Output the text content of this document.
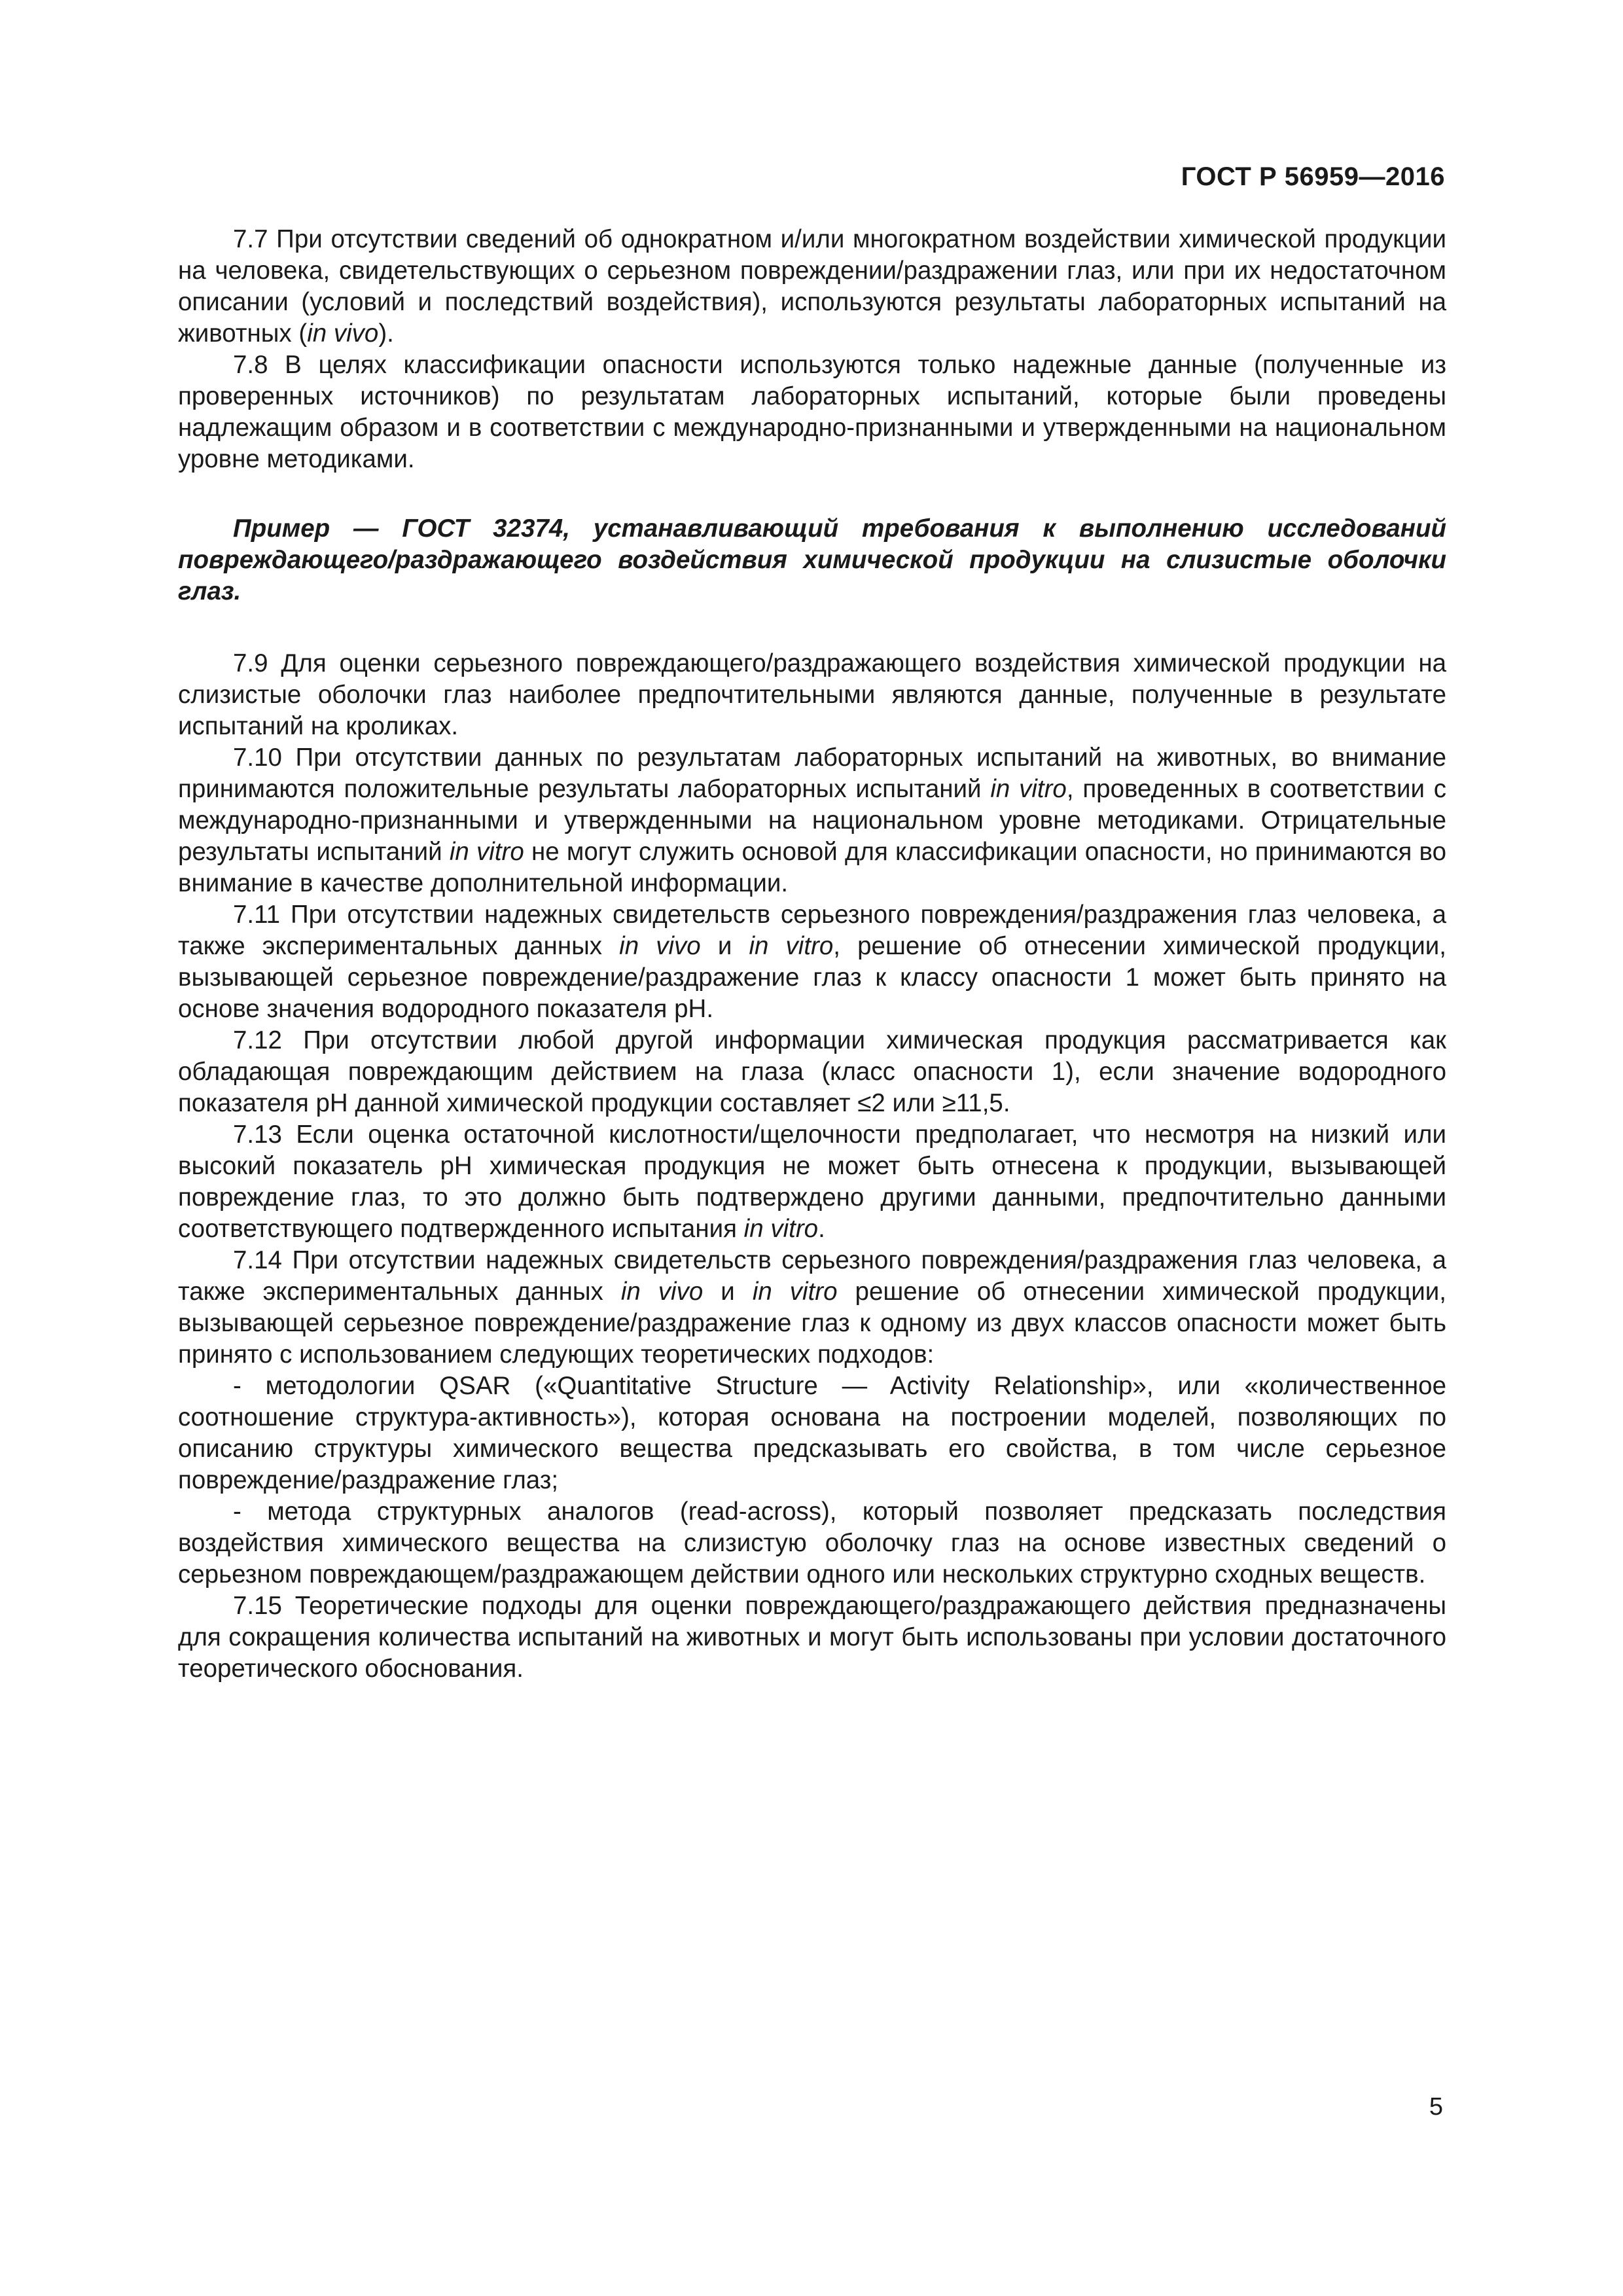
ГОСТ Р 56959—2016

7.7 При отсутствии сведений об однократном и/или многократном воздействии химической продукции на человека, свидетельствующих о серьезном повреждении/раздражении глаз, или при их недостаточном описании (условий и последствий воздействия), используются результаты лабораторных испытаний на животных (in vivo).

7.8 В целях классификации опасности используются только надежные данные (полученные из проверенных источников) по результатам лабораторных испытаний, которые были проведены надлежащим образом и в соответствии с международно-признанными и утвержденными на национальном уровне методиками.

Пример — ГОСТ 32374, устанавливающий требования к выполнению исследований повреждающего/раздражающего воздействия химической продукции на слизистые оболочки глаз.

7.9 Для оценки серьезного повреждающего/раздражающего воздействия химической продукции на слизистые оболочки глаз наиболее предпочтительными являются данные, полученные в результате испытаний на кроликах.

7.10 При отсутствии данных по результатам лабораторных испытаний на животных, во внимание принимаются положительные результаты лабораторных испытаний in vitro, проведенных в соответствии с международно-признанными и утвержденными на национальном уровне методиками. Отрицательные результаты испытаний in vitro не могут служить основой для классификации опасности, но принимаются во внимание в качестве дополнительной информации.

7.11 При отсутствии надежных свидетельств серьезного повреждения/раздражения глаз человека, а также экспериментальных данных in vivo и in vitro, решение об отнесении химической продукции, вызывающей серьезное повреждение/раздражение глаз к классу опасности 1 может быть принято на основе значения водородного показателя pH.

7.12 При отсутствии любой другой информации химическая продукция рассматривается как обладающая повреждающим действием на глаза (класс опасности 1), если значение водородного показателя pH данной химической продукции составляет ≤2 или ≥11,5.

7.13 Если оценка остаточной кислотности/щелочности предполагает, что несмотря на низкий или высокий показатель pH химическая продукция не может быть отнесена к продукции, вызывающей повреждение глаз, то это должно быть подтверждено другими данными, предпочтительно данными соответствующего подтвержденного испытания in vitro.

7.14 При отсутствии надежных свидетельств серьезного повреждения/раздражения глаз человека, а также экспериментальных данных in vivo и in vitro решение об отнесении химической продукции, вызывающей серьезное повреждение/раздражение глаз к одному из двух классов опасности может быть принято с использованием следующих теоретических подходов:

- методологии QSAR («Quantitative Structure — Activity Relationship», или «количественное соотношение структура-активность»), которая основана на построении моделей, позволяющих по описанию структуры химического вещества предсказывать его свойства, в том числе серьезное повреждение/раздражение глаз;

- метода структурных аналогов (read-across), который позволяет предсказать последствия воздействия химического вещества на слизистую оболочку глаз на основе известных сведений о серьезном повреждающем/раздражающем действии одного или нескольких структурно сходных веществ.

7.15 Теоретические подходы для оценки повреждающего/раздражающего действия предназначены для сокращения количества испытаний на животных и могут быть использованы при условии достаточного теоретического обоснования.

5
